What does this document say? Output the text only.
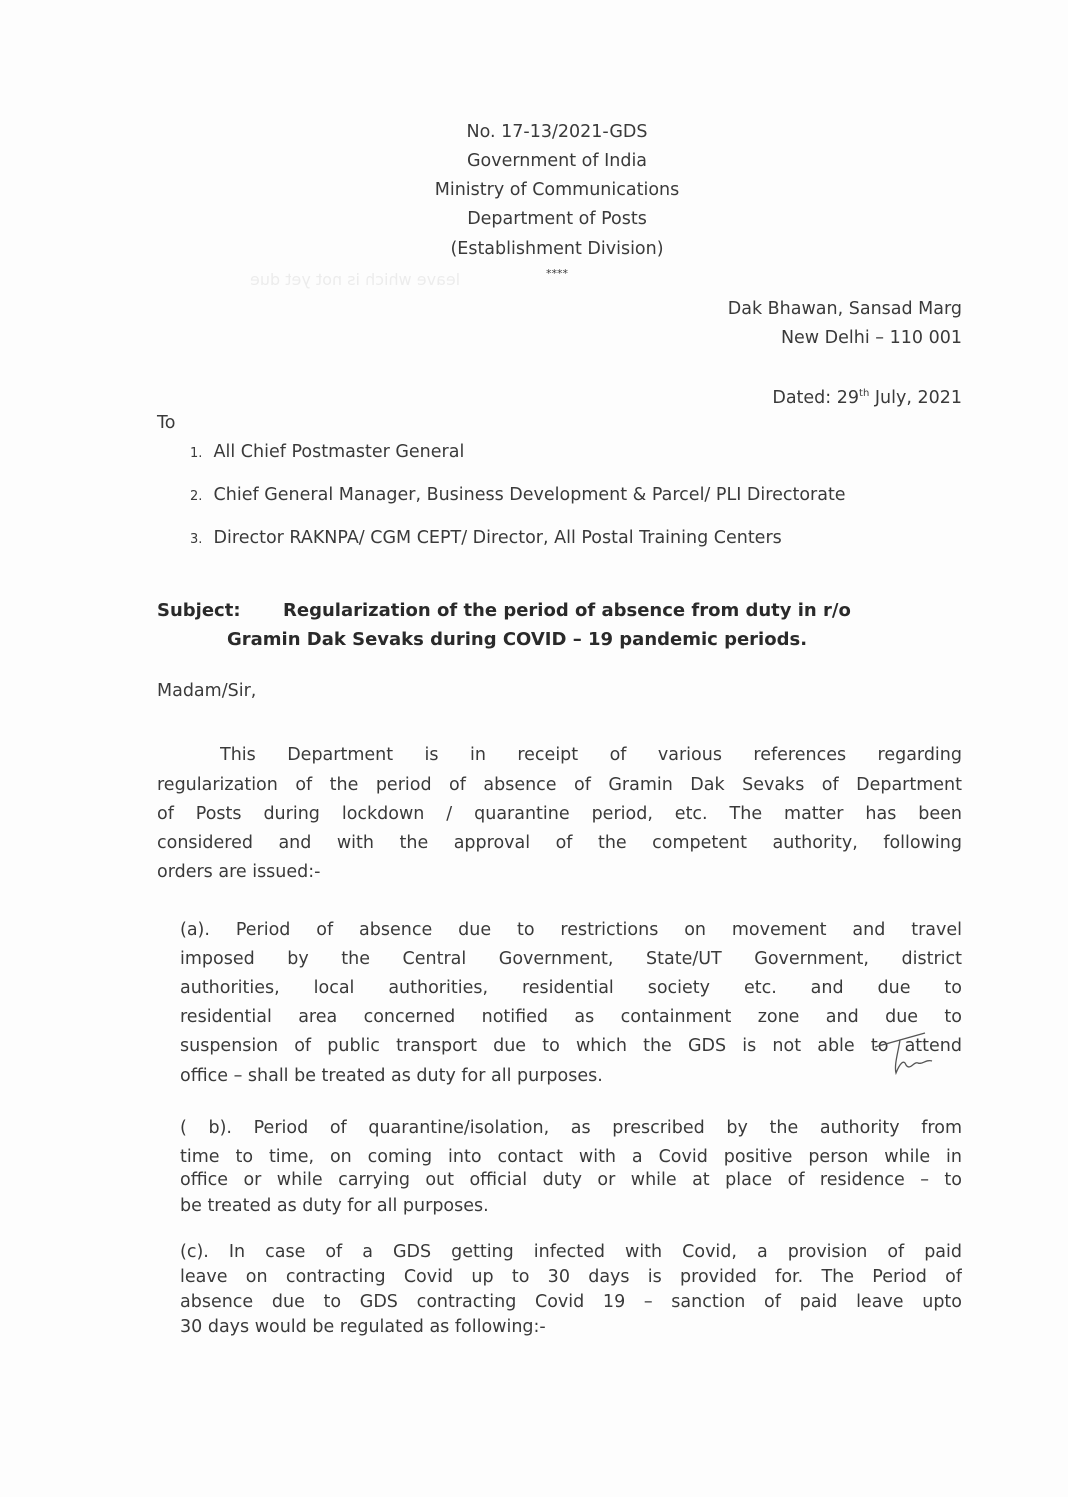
leave which is not yet due
No. 17-13/2021-GDS
Government of India
Ministry of Communications
Department of Posts
(Establishment Division)
****
Dak Bhawan, Sansad Marg
New Delhi – 110 001
Dated: 29th July, 2021
To
1. All Chief Postmaster General
2. Chief General Manager, Business Development & Parcel/ PLI Directorate
3. Director RAKNPA/ CGM CEPT/ Director, All Postal Training Centers
Subject: Regularization of the period of absence from duty in r/o
Gramin Dak Sevaks during COVID – 19 pandemic periods.
Madam/Sir,
This Department is in receipt of various references regarding
regularization of the period of absence of Gramin Dak Sevaks of Department
of Posts during lockdown / quarantine period, etc. The matter has been
considered and with the approval of the competent authority, following
orders are issued:-
(a). Period of absence due to restrictions on movement and travel
imposed by the Central Government, State/UT Government, district
authorities, local authorities, residential society etc. and due to
residential area concerned notified as containment zone and due to
suspension of public transport due to which the GDS is not able to attend
office – shall be treated as duty for all purposes.
( b). Period of quarantine/isolation, as prescribed by the authority from
time to time, on coming into contact with a Covid positive person while in
office or while carrying out official duty or while at place of residence – to
be treated as duty for all purposes.
(c). In case of a GDS getting infected with Covid, a provision of paid
leave on contracting Covid up to 30 days is provided for. The Period of
absence due to GDS contracting Covid 19 – sanction of paid leave upto
30 days would be regulated as following:-
